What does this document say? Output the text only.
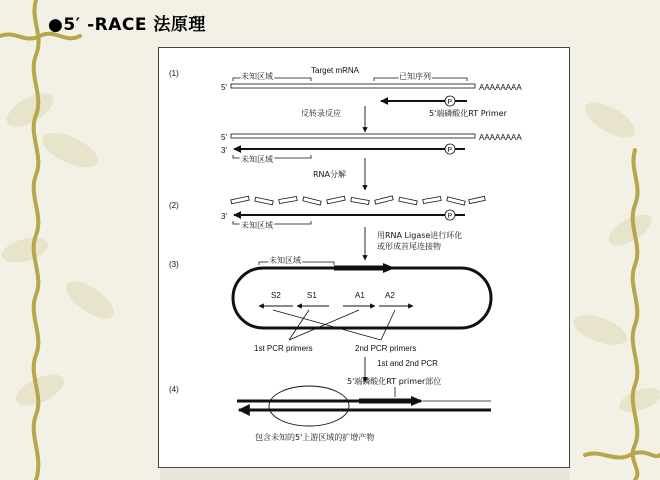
●5′ -RACE 法原理
(1)
(2)
(3)
(4)
未知区域
Target mRNA
已知序列
5'	AAAAAAAA
P
5'端磷酸化RT Primer
反转录反应
5'	AAAAAAAA
3'	P
未知区域
RNA分解
3'	P
未知区域
用RNA Ligase进行环化
或形成首尾连接物
未知区域
S2	S1	A1	A2
1st PCR primers	2nd PCR primers
1st and 2nd PCR
5'端磷酸化RT primer部位
包含未知的5'上游区域的扩增产物
